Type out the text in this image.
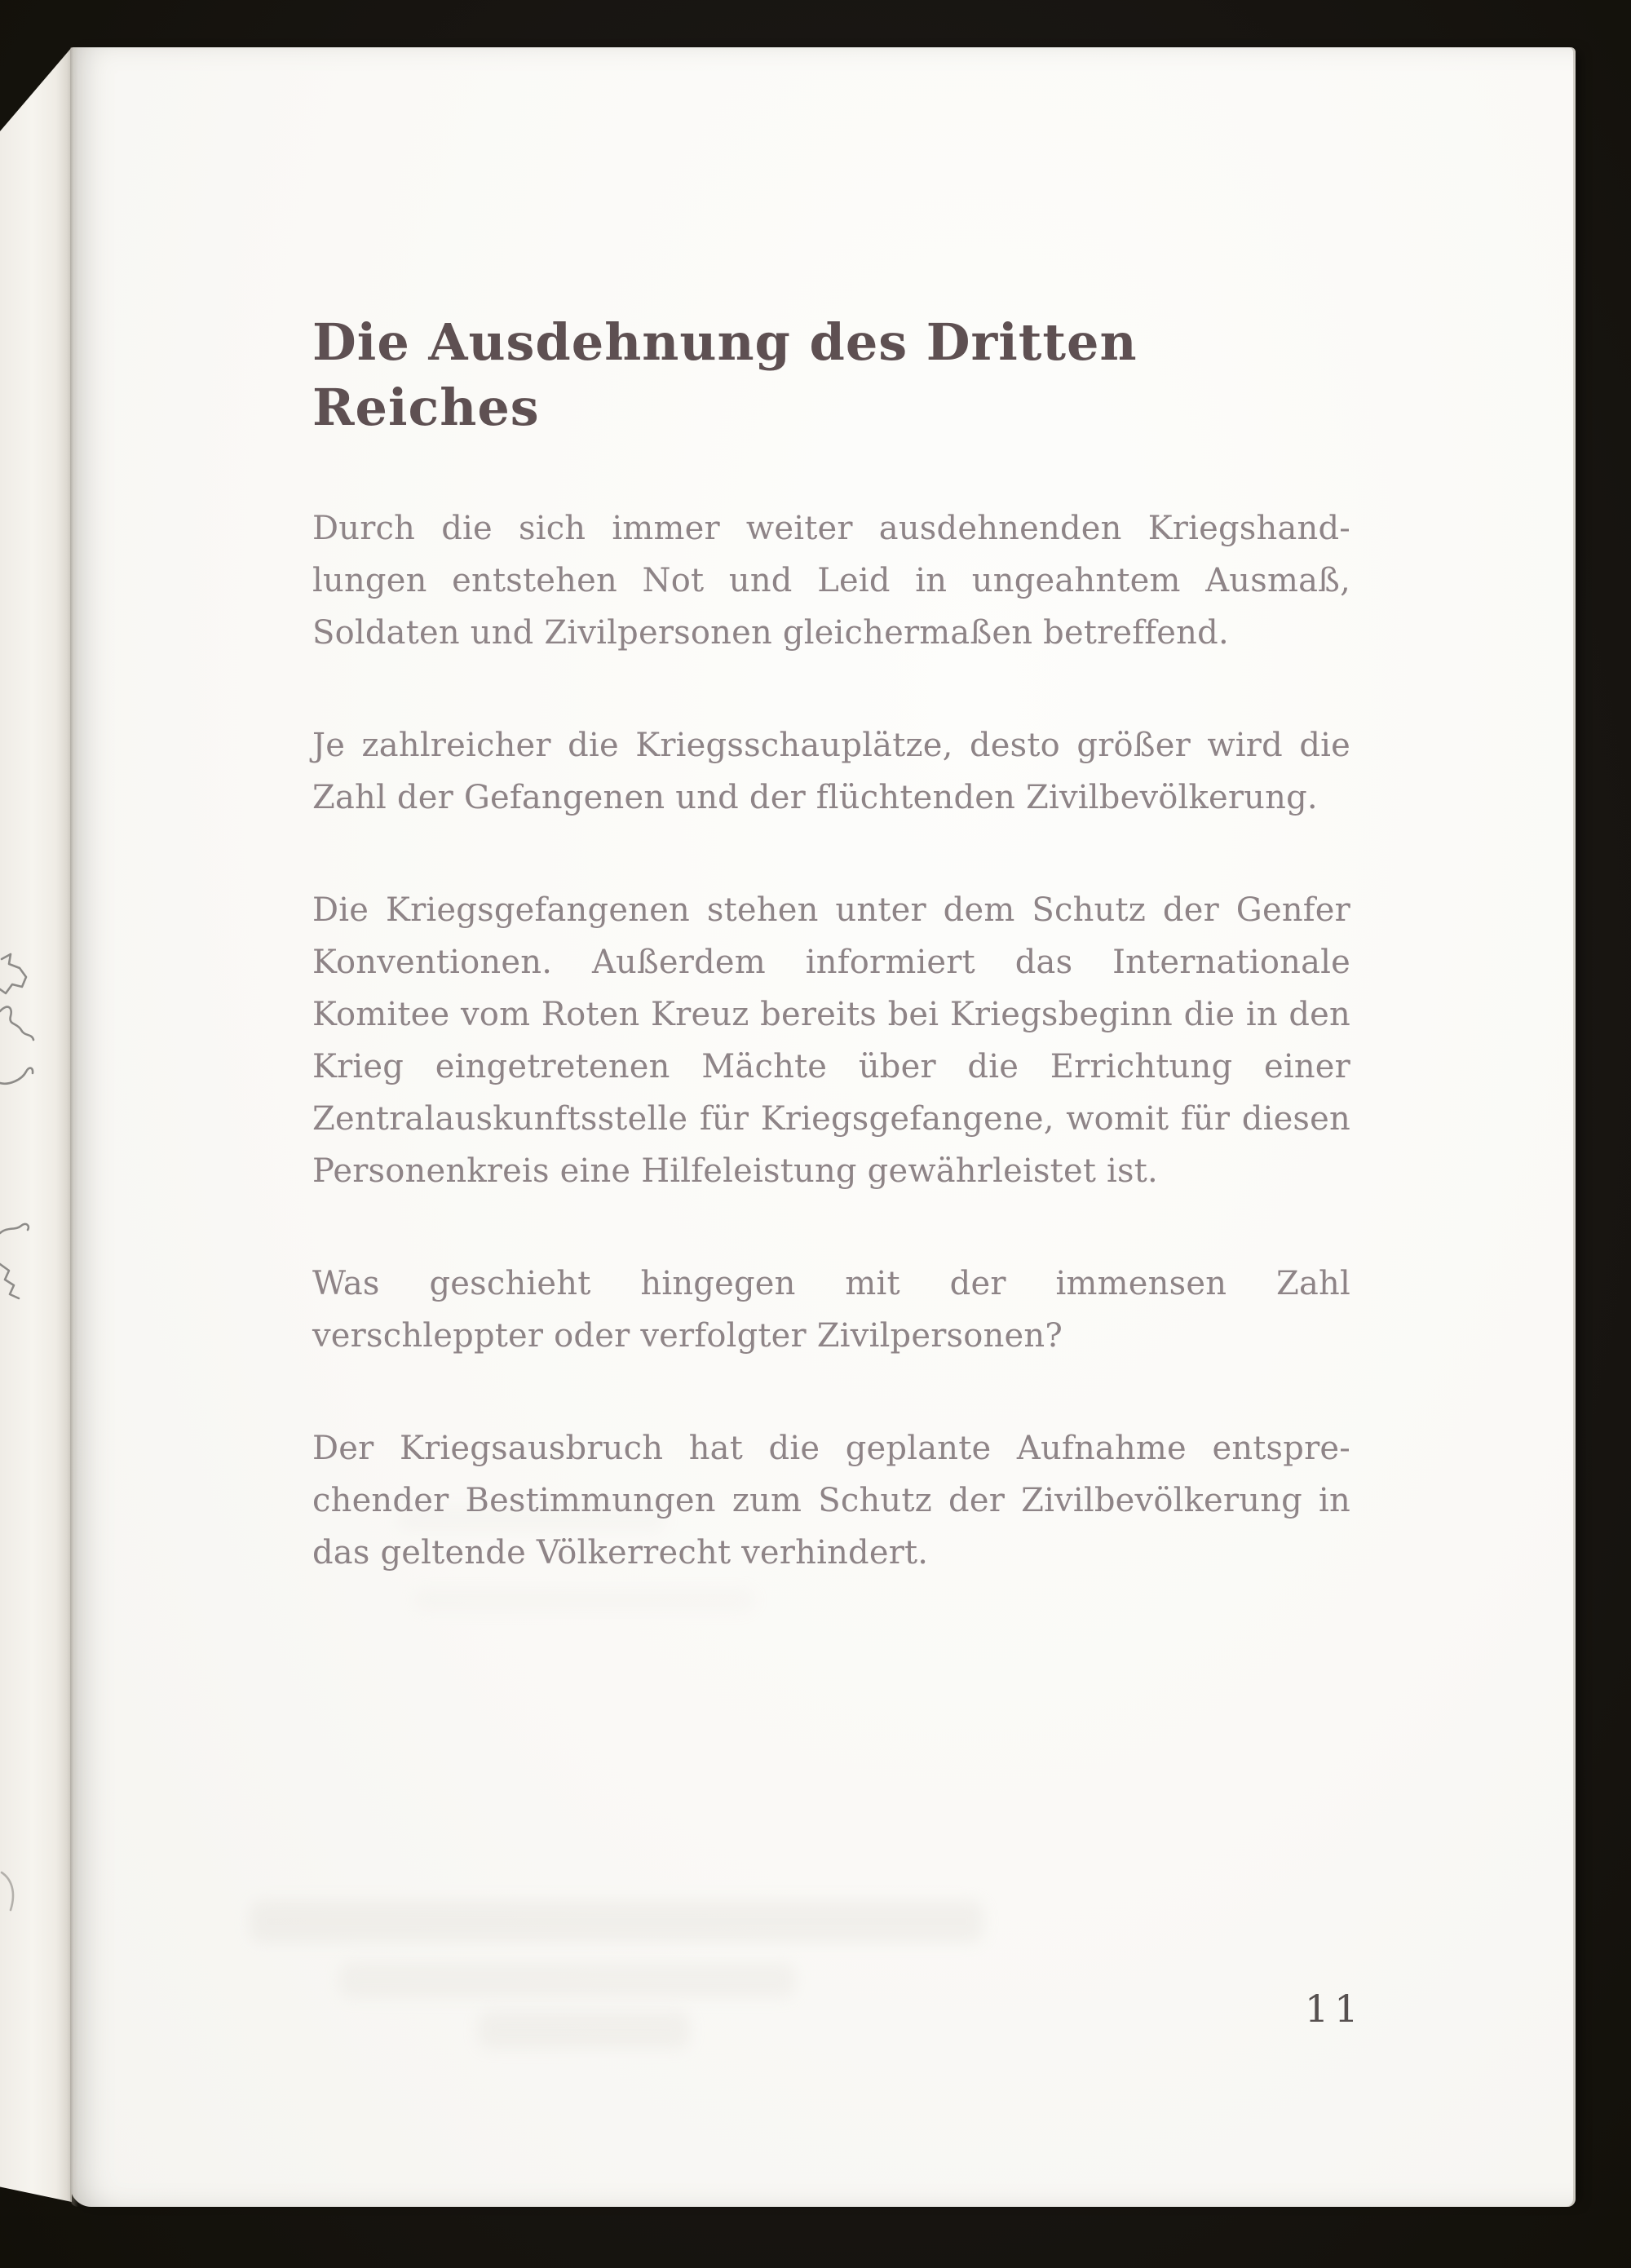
Die Ausdehnung des Dritten Reiches
Durch die sich immer weiter ausdehnenden Kriegshand-
lungen entstehen Not und Leid in ungeahntem Ausmaß,
Soldaten und Zivilpersonen gleichermaßen betreffend.
Je zahlreicher die Kriegsschauplätze, desto größer wird die
Zahl der Gefangenen und der flüchtenden Zivilbevölkerung.
Die Kriegsgefangenen stehen unter dem Schutz der Genfer
Konventionen. Außerdem informiert das Internationale
Komitee vom Roten Kreuz bereits bei Kriegsbeginn die in den
Krieg eingetretenen Mächte über die Errichtung einer
Zentralauskunftsstelle für Kriegsgefangene, womit für diesen
Personenkreis eine Hilfeleistung gewährleistet ist.
Was geschieht hingegen mit der immensen Zahl
verschleppter oder verfolgter Zivilpersonen?
Der Kriegsausbruch hat die geplante Aufnahme entspre-
chender Bestimmungen zum Schutz der Zivilbevölkerung in
das geltende Völkerrecht verhindert.
11
